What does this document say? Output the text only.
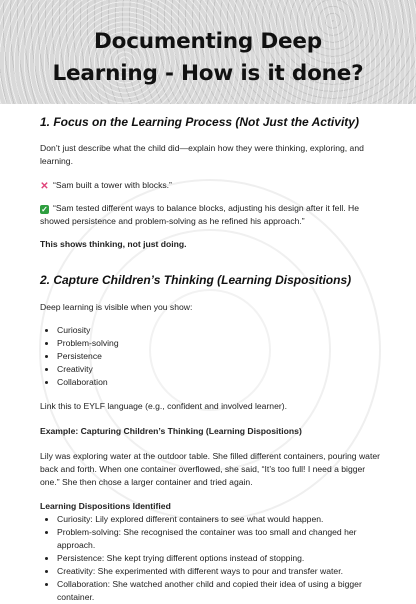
Documenting Deep
Learning - How is it done?
1. Focus on the Learning Process (Not Just the Activity)

Don’t just describe what the child did—explain how they were thinking, exploring, and learning.

✕ “Sam built a tower with blocks.”

✓ “Sam tested different ways to balance blocks, adjusting his design after it fell. He showed persistence and problem-solving as he refined his approach.”

This shows thinking, not just doing.

2. Capture Children’s Thinking (Learning Dispositions)

Deep learning is visible when you show:

• Curiosity
• Problem-solving
• Persistence
• Creativity
• Collaboration

Link this to EYLF language (e.g., confident and involved learner).

Example: Capturing Children’s Thinking (Learning Dispositions)

Lily was exploring water at the outdoor table. She filled different containers, pouring water back and forth. When one container overflowed, she said, “It’s too full! I need a bigger one.” She then chose a larger container and tried again.

Learning Dispositions Identified

• Curiosity: Lily explored different containers to see what would happen.
• Problem-solving: She recognised the container was too small and changed her approach.
• Persistence: She kept trying different options instead of stopping.
• Creativity: She experimented with different ways to pour and transfer water.
• Collaboration: She watched another child and copied their idea of using a bigger container.
